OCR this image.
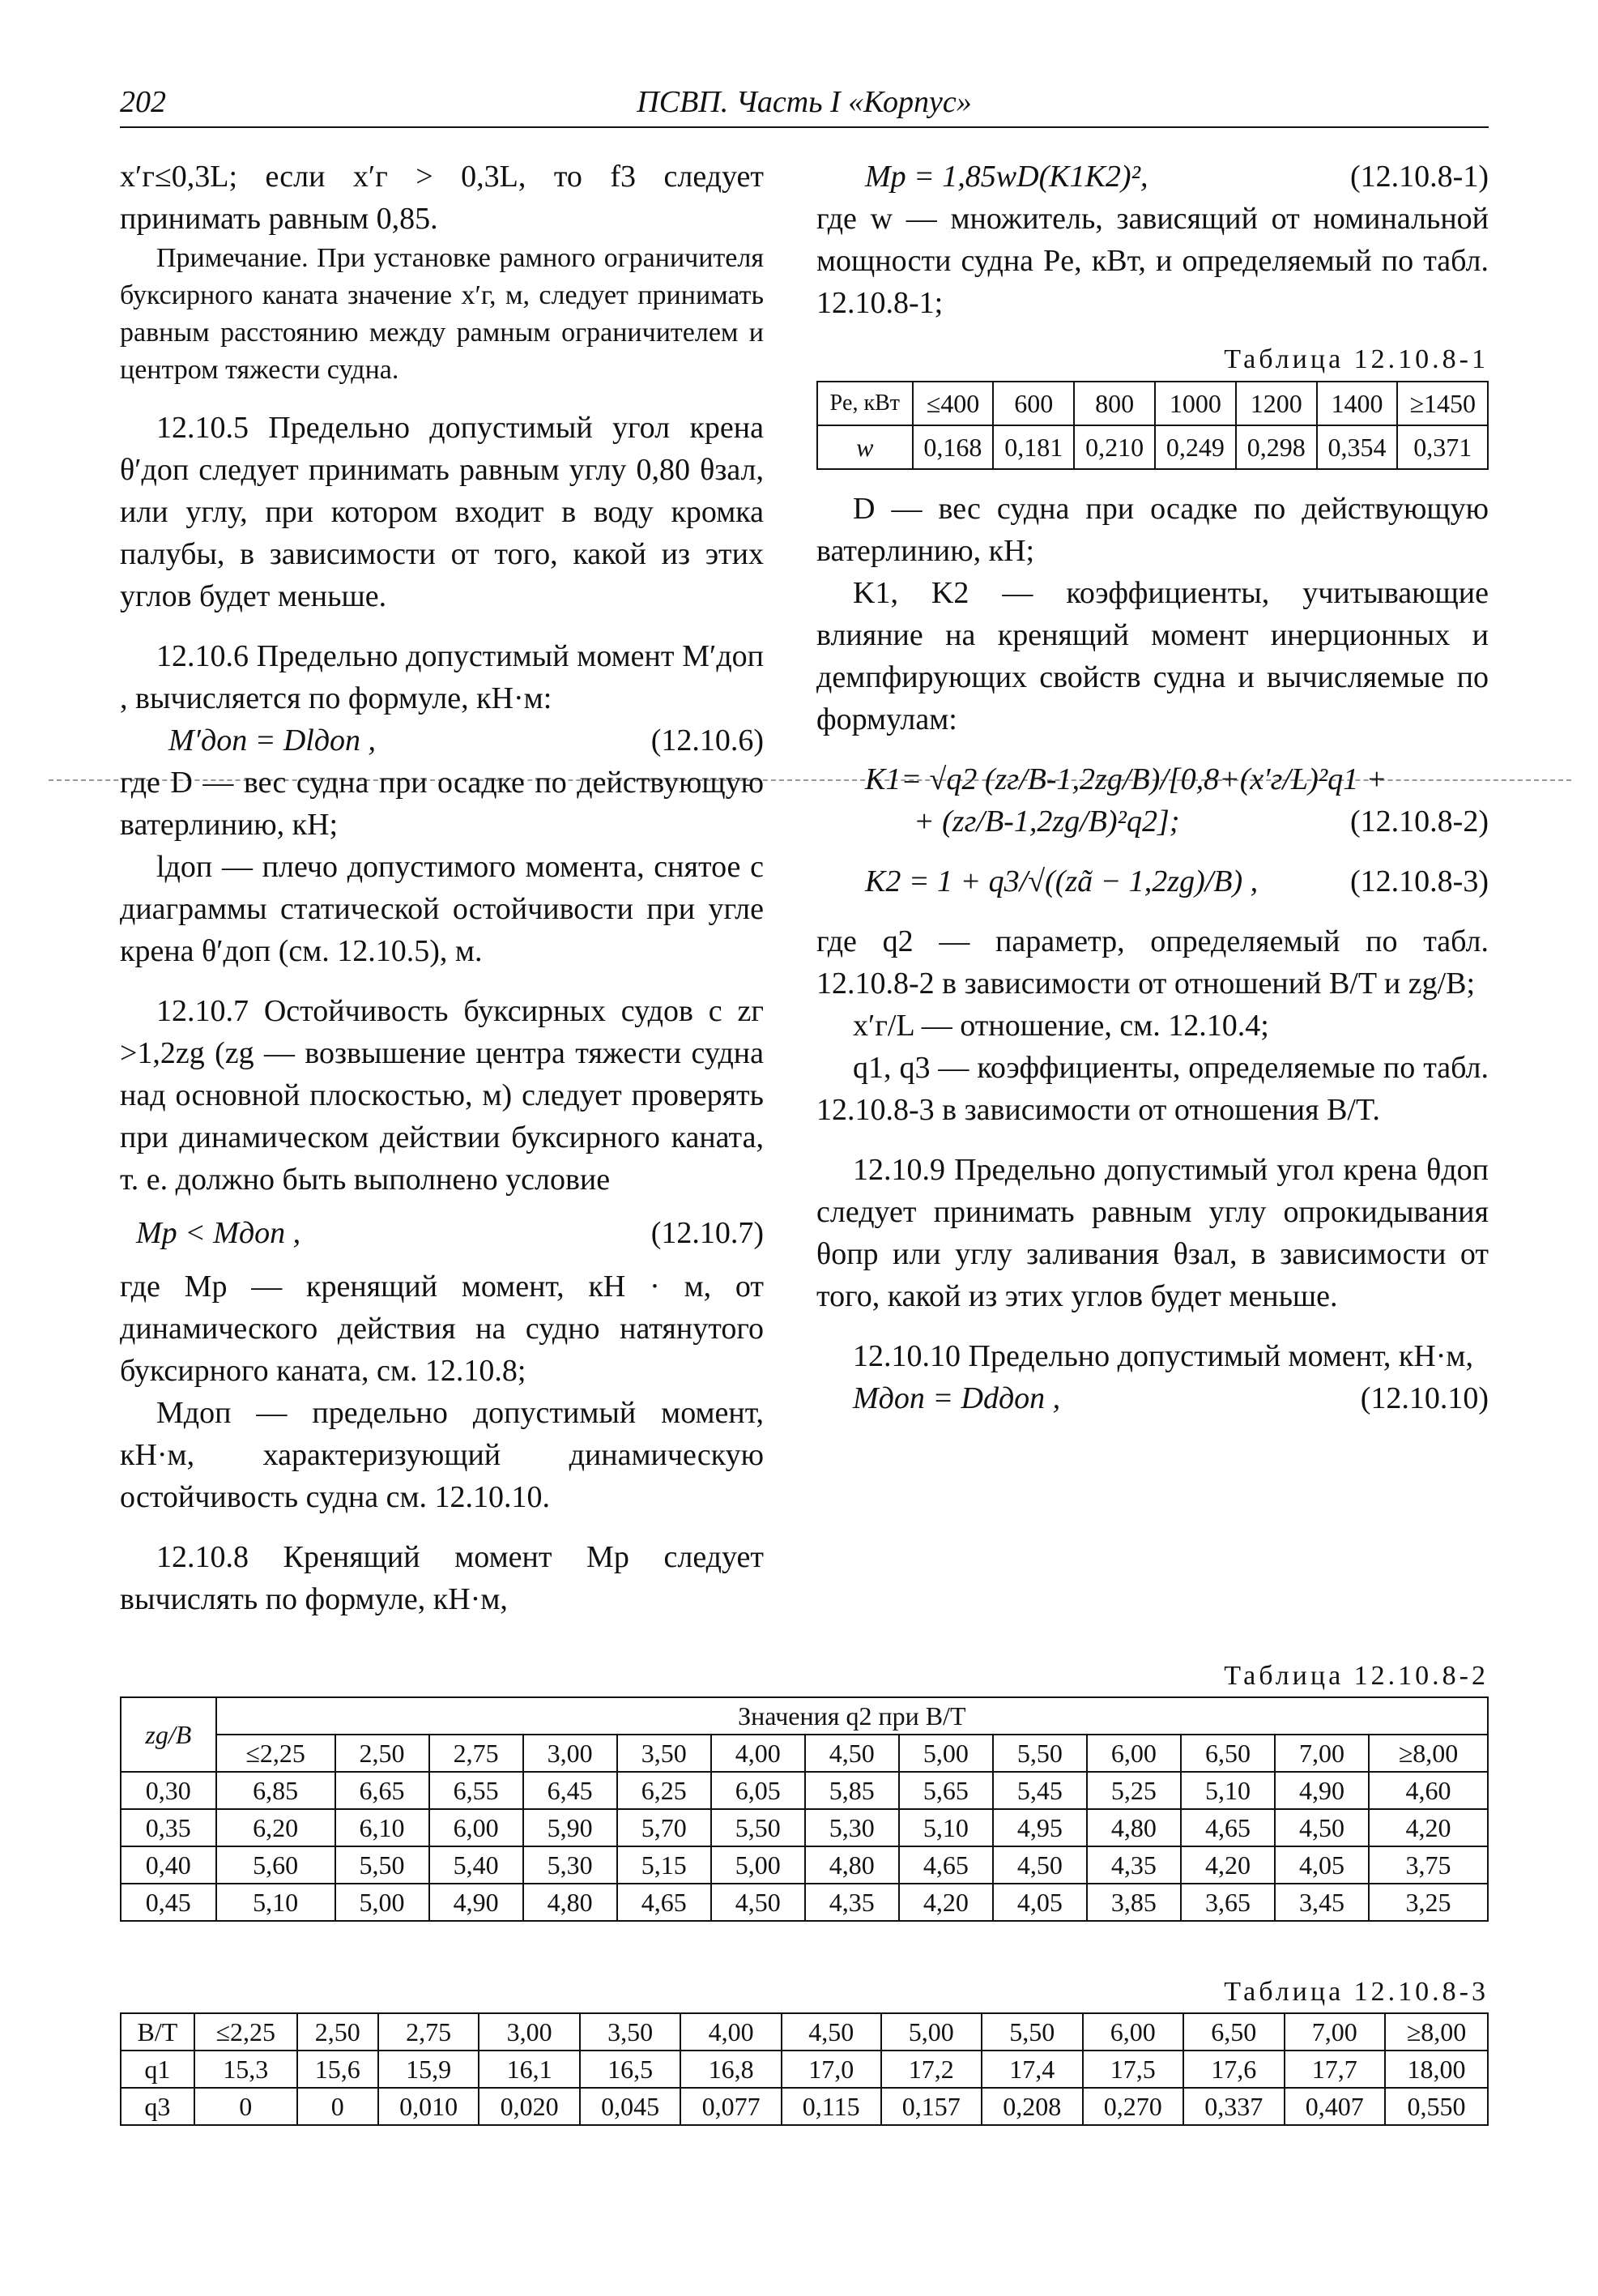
202	ПСВП. Часть I «Корпус»

x′г≤0,3L; если x′г > 0,3L, то f3 следует принимать равным 0,85.

Примечание. При установке рамного ограничителя буксирного каната значение x′г, м, следует принимать равным расстоянию между рамным ограничителем и центром тяжести судна.

12.10.5 Предельно допустимый угол крена θ′доп следует принимать равным углу 0,80 θзал, или углу, при котором входит в воду кромка палубы, в зависимости от того, какой из этих углов будет меньше.

12.10.6 Предельно допустимый момент M′доп , вычисляется по формуле, кН·м:

M′доп = Dlдоп ,	(12.10.6)

где D — вес судна при осадке по действующую ватерлинию, кН;

lдоп — плечо допустимого момента, снятое с диаграммы статической остойчивости при угле крена θ′доп (см. 12.10.5), м.

12.10.7 Остойчивость буксирных судов с zг >1,2zg (zg — возвышение центра тяжести судна над основной плоскостью, м) следует проверять при динамическом действии буксирного каната, т. е. должно быть выполнено условие

Mр < Mдоп ,	(12.10.7)

где Mр — кренящий момент, кН · м, от динамического действия на судно натянутого буксирного каната, см. 12.10.8;

Mдоп — предельно допустимый момент, кН·м, характеризующий динамическую остойчивость судна см. 12.10.10.

12.10.8 Кренящий момент Mр следует вычислять по формуле, кН·м,

Mр = 1,85wD(K1K2)²,	(12.10.8-1)

где w — множитель, зависящий от номинальной мощности судна Pе, кВт, и определяемый по табл. 12.10.8-1;

Таблица 12.10.8-1

Pе, кВт	≤400	600	800	1000	1200	1400	≥1450
w	0,168	0,181	0,210	0,249	0,298	0,354	0,371

D — вес судна при осадке по действующую ватерлинию, кН;

K1, K2 — коэффициенты, учитывающие влияние на кренящий момент инерционных и демпфирующих свойств судна и вычисляемые по формулам:

K1= √q2 (zг/B-1,2zg/B)/[0,8+(x′г/L)²q1 +

+ (zг/B-1,2zg/B)²q2];	(12.10.8-2)
K2 = 1 + q3/√((zã − 1,2zg)/B) ,	(12.10.8-3)

где q2 — параметр, определяемый по табл. 12.10.8-2 в зависимости от отношений B/T и zg/B;

x′г/L — отношение, см. 12.10.4;

q1, q3 — коэффициенты, определяемые по табл. 12.10.8-3 в зависимости от отношения B/T.

12.10.9 Предельно допустимый угол крена θдоп следует принимать равным углу опрокидывания θопр или углу заливания θзал, в зависимости от того, какой из этих углов будет меньше.

12.10.10 Предельно допустимый момент, кН·м,

Mдоп = Ddдоп ,	(12.10.10)

Таблица 12.10.8-2

zg/B	Значения q2 при B/T												
	≤2,25	2,50	2,75	3,00	3,50	4,00	4,50	5,00	5,50	6,00	6,50	7,00	≥8,00
0,30	6,85	6,65	6,55	6,45	6,25	6,05	5,85	5,65	5,45	5,25	5,10	4,90	4,60
0,35	6,20	6,10	6,00	5,90	5,70	5,50	5,30	5,10	4,95	4,80	4,65	4,50	4,20
0,40	5,60	5,50	5,40	5,30	5,15	5,00	4,80	4,65	4,50	4,35	4,20	4,05	3,75
0,45	5,10	5,00	4,90	4,80	4,65	4,50	4,35	4,20	4,05	3,85	3,65	3,45	3,25

Таблица 12.10.8-3

В/Т	≤2,25	2,50	2,75	3,00	3,50	4,00	4,50	5,00	5,50	6,00	6,50	7,00	≥8,00
q1	15,3	15,6	15,9	16,1	16,5	16,8	17,0	17,2	17,4	17,5	17,6	17,7	18,00
q3	0	0	0,010	0,020	0,045	0,077	0,115	0,157	0,208	0,270	0,337	0,407	0,550
